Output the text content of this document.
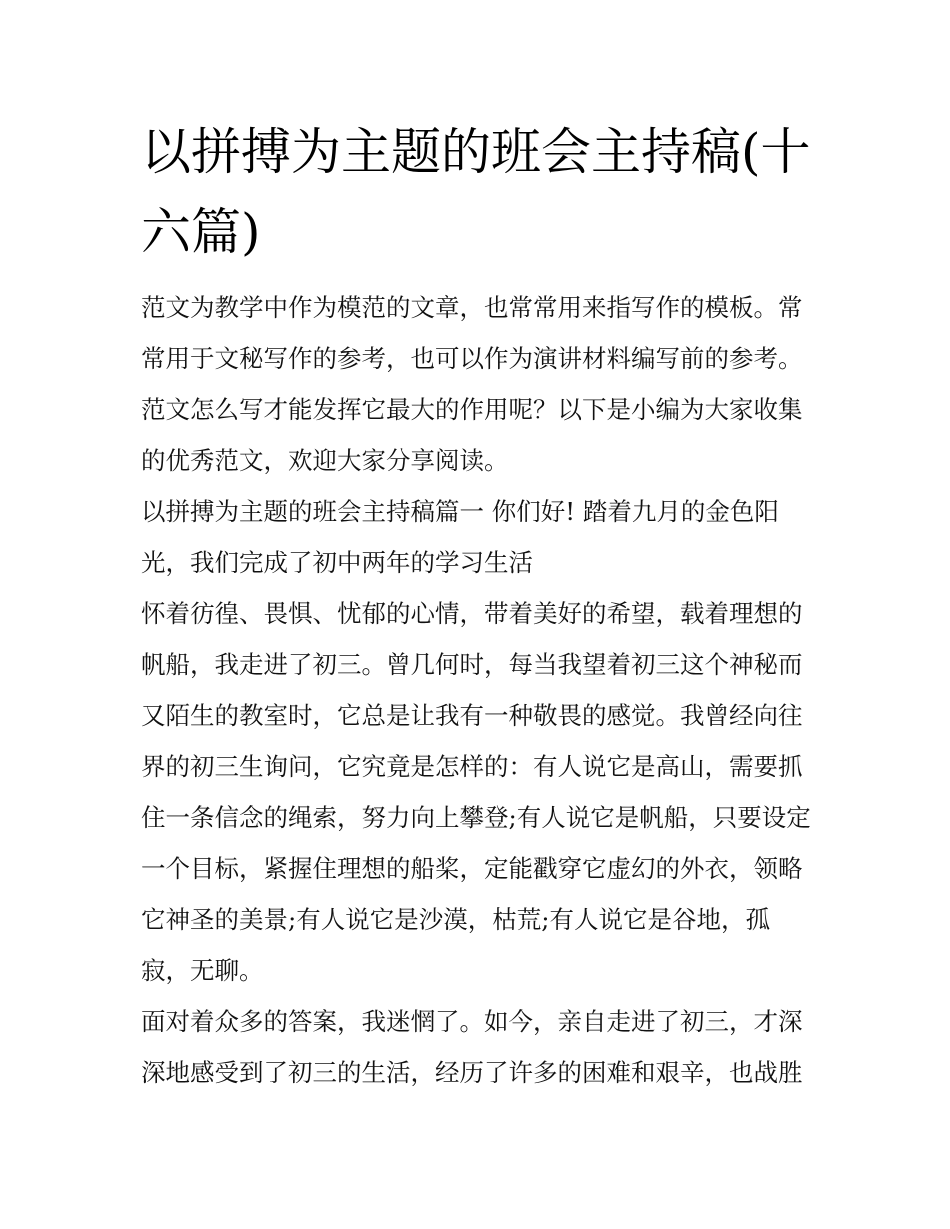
以拼搏为主题的班会主持稿(十六篇)

范文为教学中作为模范的文章，也常常用来指写作的模板。常常用于文秘写作的参考，也可以作为演讲材料编写前的参考。范文怎么写才能发挥它最大的作用呢？以下是小编为大家收集的优秀范文，欢迎大家分享阅读。

以拼搏为主题的班会主持稿篇一 你们好! 踏着九月的金色阳光，我们完成了初中两年的学习生活

怀着彷徨、畏惧、忧郁的心情，带着美好的希望，载着理想的帆船，我走进了初三。曾几何时，每当我望着初三这个神秘而又陌生的教室时，它总是让我有一种敬畏的感觉。我曾经向往界的初三生询问，它究竟是怎样的：有人说它是高山，需要抓住一条信念的绳索，努力向上攀登;有人说它是帆船，只要设定一个目标，紧握住理想的船桨，定能戳穿它虚幻的外衣，领略它神圣的美景;有人说它是沙漠，枯荒;有人说它是谷地，孤寂，无聊。

面对着众多的答案，我迷惘了。如今，亲自走进了初三，才深深地感受到了初三的生活，经历了许多的困难和艰辛，也战胜
